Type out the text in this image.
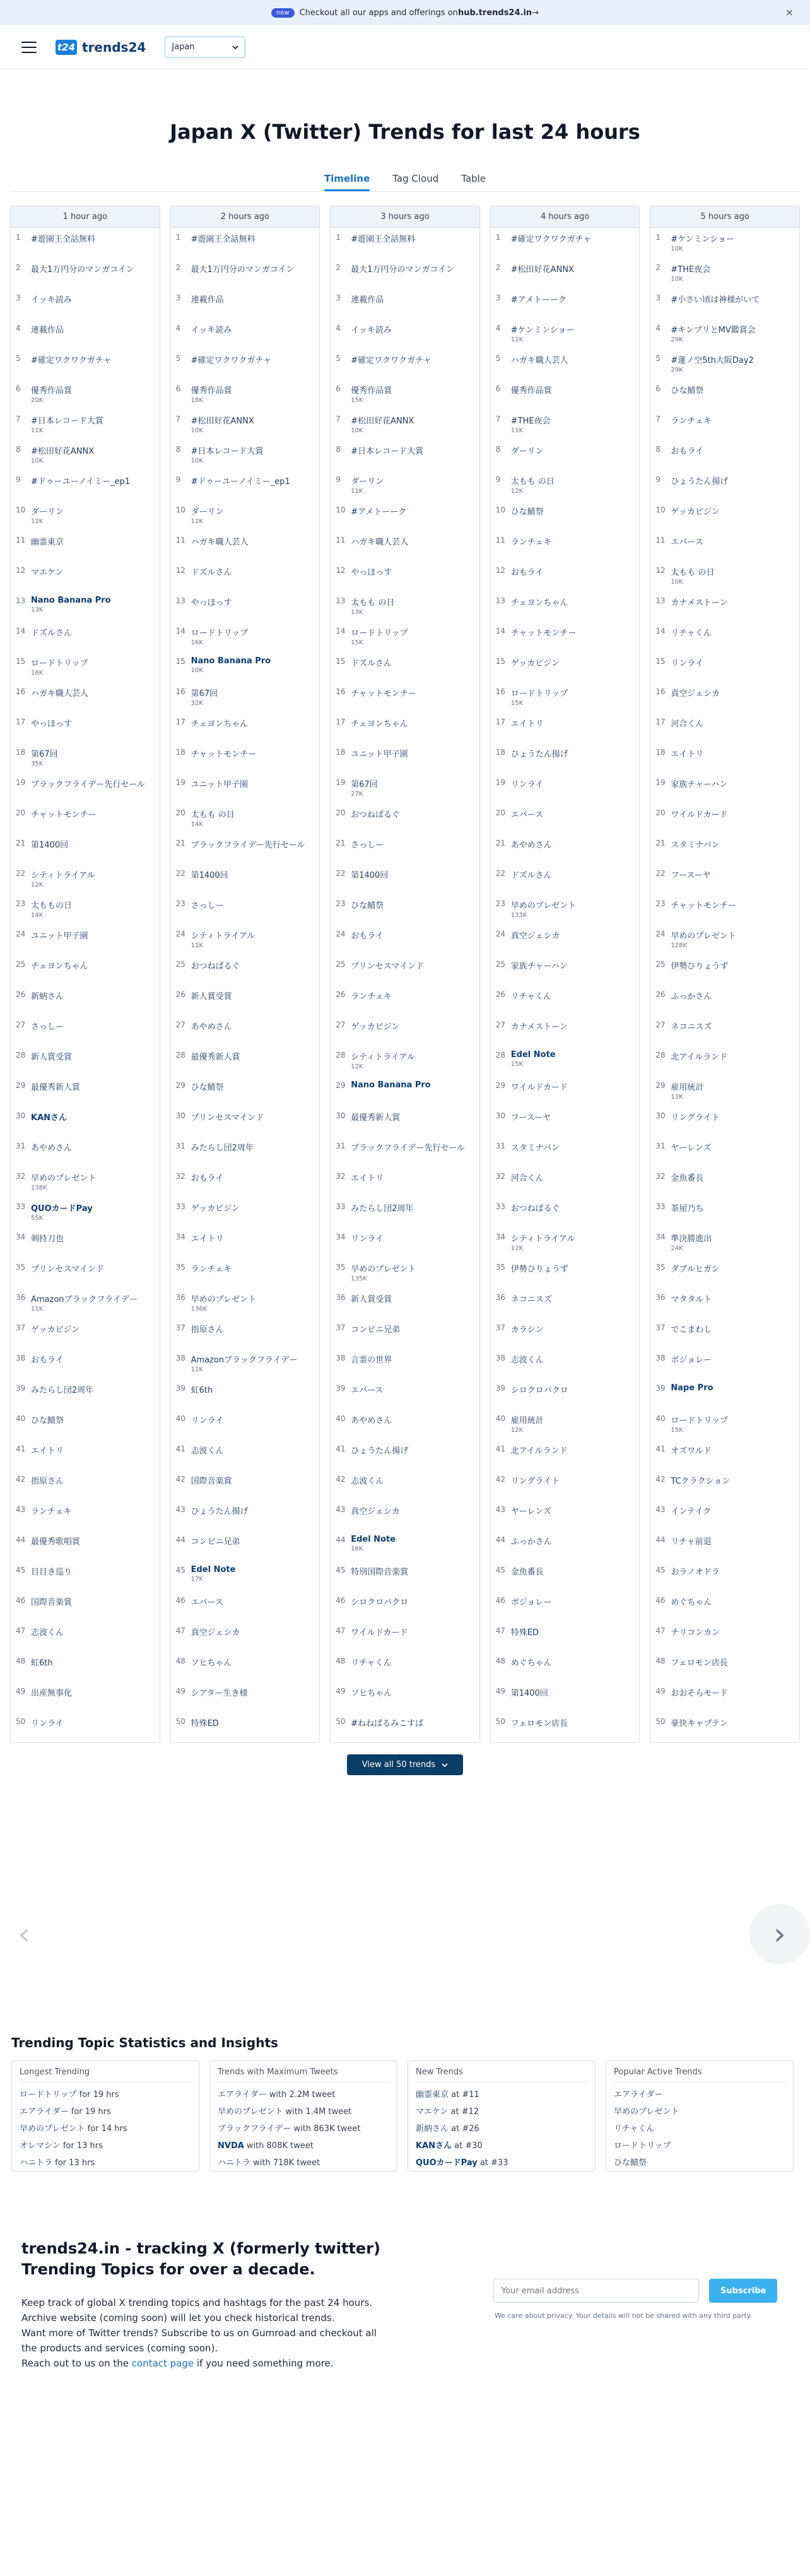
new	Checkout all our apps and offerings on hub.trends24.in→	×
t24 trends24	Japan
Japan X (Twitter) Trends for last 24 hours
Timeline Tag Cloud Table
1 hour ago
1	#遊園王全話無料
2	最大1万円分のマンガコイン
3	イッキ読み
4	連載作品
5	#確定ワクワクガチャ
6	優秀作品賞
20K
7	#日本レコード大賞
11K
8	#松田好花ANNX
10K
9	#ドゥーユーノイミー_ep1
10 ダーリン
12K
11 幽霊東京
12 マエケン
13 Nano Banana Pro
13K
14 ドズルさん
15 ロードトリップ
16K
16 ハガキ職人芸人
17 やっほっす
18 第67回
35K
19 ブラックフライデー先行セール
20 チャットモンチー
21 第1400回
22 シティトライアル
12K
23 太ももの日
14K
24 ユニット甲子園
25 チェヨンちゃん
26 新納さん
27 さっしー
28 新人賞受賞
29 最優秀新人賞
30 KANさん
31 あやめさん
32 早めのプレゼント
138K
33 QUOカードPay
55K
34 剣持刀也
35 プリンセスマインド
36 Amazonブラックフライデー
11K
37 ゲッカビジン
38 おもライ
39 みたらし団2周年
40 ひな鯖祭
41 エイトリ
42 指原さん
43 ランチェキ
44 最優秀歌唱賞
45 目目き巡り
46 国際音楽賞
47 志波くん
48 虹6th
49 出産無事化
50 リンライ
2 hours ago
1	#遊園王全話無料
2	最大1万円分のマンガコイン
3	連載作品
4	イッキ読み
5	#確定ワクワクガチャ
6	優秀作品賞
18K
7	#松田好花ANNX
10K
8	#日本レコード大賞
10K
9	#ドゥーユーノイミー_ep1
10 ダーリン
12K
11 ハガキ職人芸人
12 ドズルさん
13 やっほっす
14 ロードトリップ
16K
15 Nano Banana Pro
10K
16 第67回
32K
17 チェヨンちゃん
18 チャットモンチー
19 ユニット甲子園
20 太もも の日
14K
21 ブラックフライデー先行セール
22 第1400回
23 さっしー
24 シティトライアル
11K
25 おつねばるぐ
26 新人賞受賞
27 あやめさん
28 最優秀新人賞
29 ひな鯖祭
30 プリンセスマインド
31 みたらし団2周年
32 おもライ
33 ゲッカビジン
34 エイトリ
35 ランチェキ
36 早めのプレゼント
136K
37 指原さん
38 Amazonブラックフライデー
11K
39 虹6th
40 リンライ
41 志波くん
42 国際音楽賞
43 ひょうたん揚げ
44 コンビニ兄弟
45 Edel Note
17K
46 エバース
47 真空ジェシカ
48 ソヒちゃん
49 シアター生き様
50 特殊ED
3 hours ago
1	#遊園王全話無料
2	最大1万円分のマンガコイン
3	連載作品
4	イッキ読み
5	#確定ワクワクガチャ
6	優秀作品賞
15K
7	#松田好花ANNX
10K
8	#日本レコード大賞
9	ダーリン
11K
10 #アメトーーク
11 ハガキ職人芸人
12 やっほっす
13 太もも の日
13K
14 ロードトリップ
15K
15 ドズルさん
16 チャットモンチー
17 チェヨンちゃん
18 ユニット甲子園
19 第67回
27K
20 おつねばるぐ
21 さっしー
22 第1400回
23 ひな鯖祭
24 おもライ
25 プリンセスマインド
26 ランチェキ
27 ゲッカビジン
28 シティトライアル
12K
29 Nano Banana Pro
30 最優秀新人賞
31 ブラックフライデー先行セール
32 エイトリ
33 みたらし団2周年
34 リンライ
35 早めのプレゼント
135K
36 新人賞受賞
37 コンビニ兄弟
38 言霊の世界
39 エバース
40 あやめさん
41 ひょうたん揚げ
42 志波くん
43 真空ジェシカ
44 Edel Note
16K
45 特別国際音楽賞
46 シロクロパクロ
47 ワイルドカード
48 リチャくん
49 ソヒちゃん
50 #ねねぱるみこすぱ
4 hours ago
1	#確定ワクワクガチャ
2	#松田好花ANNX
3	#アメトーーク
4	#ケンミンショー
11K
5	ハガキ職人芸人
6	優秀作品賞
7	#THE夜会
11K
8	ダーリン
9	太もも の日
12K
10 ひな鯖祭
11 ランチェキ
12 おもライ
13 チェヨンちゃん
14 チャットモンチー
15 ゲッカビジン
16 ロードトリップ
15K
17 エイトリ
18 ひょうたん揚げ
19 リンライ
20 エバース
21 あやめさん
22 ドズルさん
23 早めのプレゼント
133K
24 真空ジェシカ
25 家族チャーハン
26 リチャくん
27 カナメストーン
28 Edel Note
15K
29 ワイルドカード
30 フースーヤ
31 スタミナパン
32 河合くん
33 おつねばるぐ
34 シティトライアル
12K
35 伊勢ひりょうず
36 ネコニスズ
37 カラシン
38 志波くん
39 シロクロパクロ
40 雇用統計
12K
41 北アイルランド
42 リングライト
43 ヤーレンズ
44 ふっかさん
45 金魚番長
46 ボジョレー
47 特殊ED
48 めぐちゃん
49 第1400回
50 フェロモン店長
5 hours ago
1	#ケンミンショー
10K
2	#THE夜会
10K
3	#小さい頃は神様がいて
4	#キンプリとMV鑑賞会
29K
5	#蓮ノ空5th大阪Day2
29K
6	ひな鯖祭
7	ランチェキ
8	おもライ
9	ひょうたん揚げ
10 ゲッカビジン
11 エバース
12 太もも の日
10K
13 カナメストーン
14 リチャくん
15 リンライ
16 真空ジェシカ
17 河合くん
18 エイトリ
19 家族チャーハン
20 ワイルドカード
21 スタミナパン
22 フースーヤ
23 チャットモンチー
24 早めのプレゼント
128K
25 伊勢ひりょうず
26 ふっかさん
27 ネコニスズ
28 北アイルランド
29 雇用統計
13K
30 リングライト
31 ヤーレンズ
32 金魚番長
33 茶屋乃ち
34 準決勝進出
24K
35 ダブルヒガシ
36 マタタルト
37 でこまわし
38 ボジョレー
39 Nape Pro
40 ロードトリップ
15K
41 オズワルド
42 TCクラクション
43 インテイク
44 リチャ前退
45 おラノオドラ
46 めぐちゃん
47 チリコンカン
48 フェロモン店長
49 おおそらモード
50 豪快キャプテン
View all 50 trends
‹	›
Trending Topic Statistics and Insights
Longest Trending
ロードトリップ for 19 hrs
エアライダー for 19 hrs
早めのプレゼント for 14 hrs
オレマシン for 13 hrs
ハニトラ for 13 hrs
Trends with Maximum Tweets
エアライダー with 2.2M tweet
早めのプレゼント with 1.4M tweet
ブラックフライデー with 863K tweet
NVDA with 808K tweet
ハニトラ with 718K tweet
New Trends
幽霊東京 at #11
マエケン at #12
新納さん at #26
KANさん at #30
QUOカードPay at #33
Popular Active Trends
エアライダー
早めのプレゼント
リチャくん
ロードトリップ
ひな鯖祭
trends24.in - tracking X (formerly twitter)
Trending Topics for over a decade.
Keep track of global X trending topics and hashtags for the past 24 hours.
Archive website (coming soon) will let you check historical trends.
Want more of Twitter trends? Subscribe to us on Gumroad and checkout all the products and services (coming soon).
Reach out to us on the contact page if you need something more.
Your email address
Subscribe
We care about privacy. Your details will not be shared with any third party.
